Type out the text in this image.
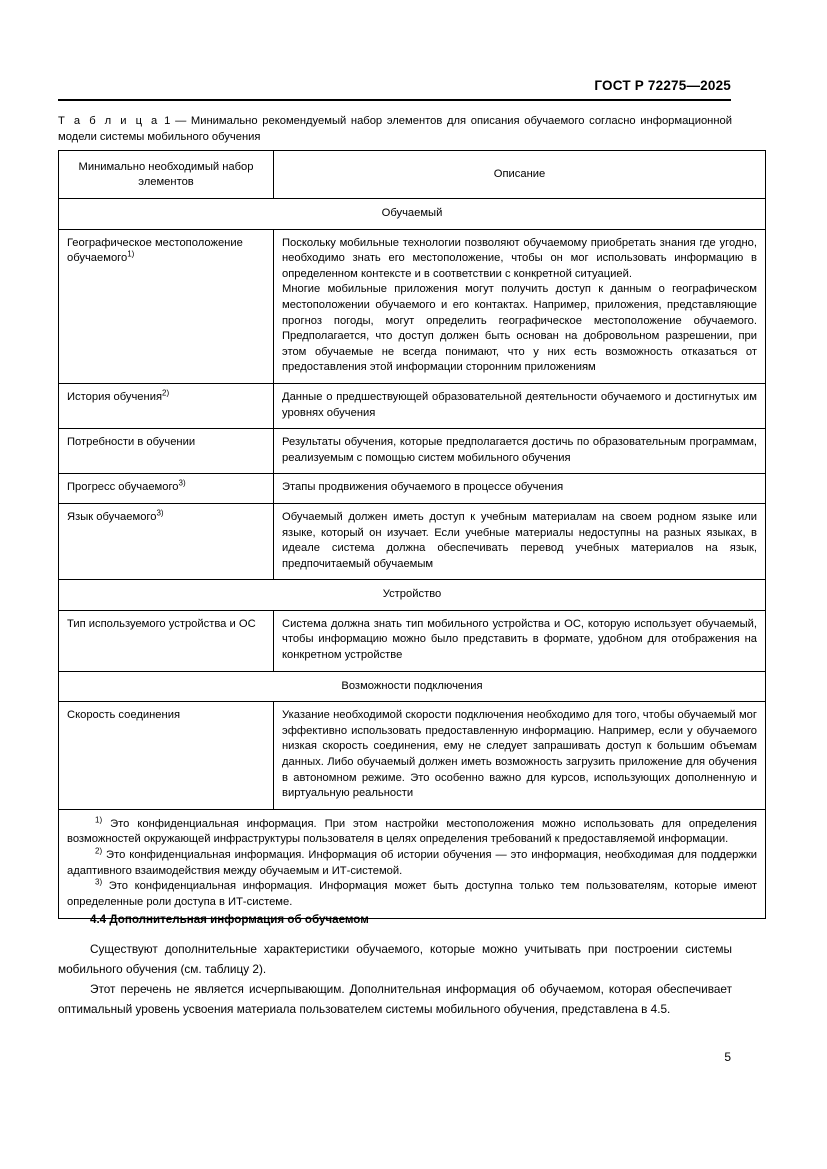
ГОСТ Р 72275—2025
Т а б л и ц а 1 — Минимально рекомендуемый набор элементов для описания обучаемого согласно информационной модели системы мобильного обучения
Минимально необходимый набор элементов	Описание
Обучаемый	
Географическое местоположение обучаемого$^{1)}$	Поскольку мобильные технологии позволяют обучаемому приобретать знания где угодно, необходимо знать его местоположение, чтобы он мог использовать информацию в определенном контексте и в соответствии с конкретной ситуацией.

Многие мобильные приложения могут получить доступ к данным о географическом местоположении обучаемого и его контактах. Например, приложения, представляющие прогноз погоды, могут определить географическое местоположение обучаемого. Предполагается, что доступ должен быть основан на добровольном разрешении, при этом обучаемые не всегда понимают, что у них есть возможность отказаться от предоставления этой информации сторонним приложениям

История обучения$^{2)}$	Данные о предшествующей образовательной деятельности обучаемого и достигнутых им уровнях обучения

Потребности в обучении	Результаты обучения, которые предполагается достичь по образовательным программам, реализуемым с помощью систем мобильного обучения

Прогресс обучаемого$^{3)}$	Этапы продвижения обучаемого в процессе обучения

Язык обучаемого$^{3)}$	Обучаемый должен иметь доступ к учебным материалам на своем родном языке или языке, который он изучает. Если учебные материалы недоступны на разных языках, в идеале система должна обеспечивать перевод учебных материалов на язык, предпочитаемый обучаемым

Устройство	
Тип используемого устройства и ОС	Система должна знать тип мобильного устройства и ОС, которую использует обучаемый, чтобы информацию можно было представить в формате, удобном для отображения на конкретном устройстве

Возможности подключения	
Скорость соединения	Указание необходимой скорости подключения необходимо для того, чтобы обучаемый мог эффективно использовать предоставленную информацию. Например, если у обучаемого низкая скорость соединения, ему не следует запрашивать доступ к большим объемам данных. Либо обучаемый должен иметь возможность загрузить приложение для обучения в автономном режиме. Это особенно важно для курсов, использующих дополненную и виртуальную реальности

$^{1)}$ Это конфиденциальная информация. При этом настройки местоположения можно использовать для определения возможностей окружающей инфраструктуры пользователя в целях определения требований к предоставляемой информации.

$^{2)}$ Это конфиденциальная информация. Информация об истории обучения — это информация, необходимая для поддержки адаптивного взаимодействия между обучаемым и ИТ-системой.

$^{3)}$ Это конфиденциальная информация. Информация может быть доступна только тем пользователям, которые имеют определенные роли доступа в ИТ-системе.	

4.4 Дополнительная информация об обучаемом

Существуют дополнительные характеристики обучаемого, которые можно учитывать при построении системы мобильного обучения (см. таблицу 2).

Этот перечень не является исчерпывающим. Дополнительная информация об обучаемом, которая обеспечивает оптимальный уровень усвоения материала пользователем системы мобильного обучения, представлена в 4.5.

5
